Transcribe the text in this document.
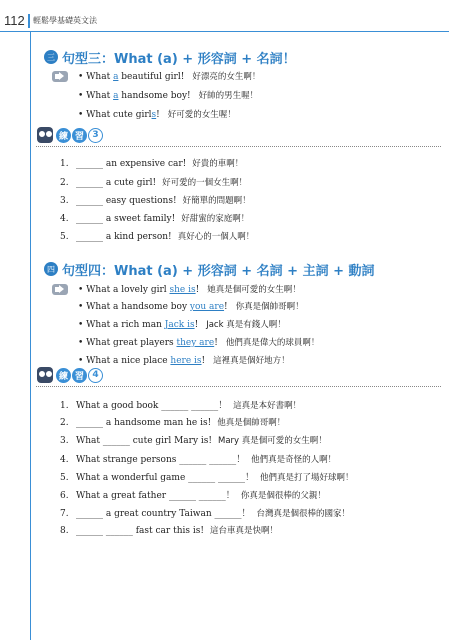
112 輕鬆學基礎英文法
三 句型三：What (a) + 形容詞 + 名詞！
• What a beautiful girl! 好漂亮的女生啊！
• What a handsome boy! 好帥的男生喔！
• What cute girls! 好可愛的女生喔！
練 習 3
1. ______ an expensive car! 好貴的車啊！
2. ______ a cute girl! 好可愛的一個女生啊！
3. ______ easy questions! 好簡單的問題啊！
4. ______ a sweet family! 好甜蜜的家庭啊！
5. ______ a kind person! 真好心的一個人啊！
四 句型四：What (a) + 形容詞 + 名詞 + 主詞 + 動詞
• What a lovely girl she is! 她真是個可愛的女生啊！
• What a handsome boy you are! 你真是個帥哥啊！
• What a rich man Jack is! Jack 真是有錢人啊！
• What great players they are! 他們真是偉大的球員啊！
• What a nice place here is! 這裡真是個好地方！
練 習 4
1. What a good book ______ ______！ 這真是本好書啊！
2. ______ a handsome man he is! 他真是個帥哥啊！
3. What ______ cute girl Mary is! Mary 真是個可愛的女生啊！
4. What strange persons ______ ______！ 他們真是奇怪的人啊！
5. What a wonderful game ______ ______！ 他們真是打了場好球啊！
6. What a great father ______ ______！ 你真是個很棒的父親！
7. ______ a great country Taiwan ______！ 台灣真是個很棒的國家！
8. ______ ______ fast car this is! 這台車真是快啊！
